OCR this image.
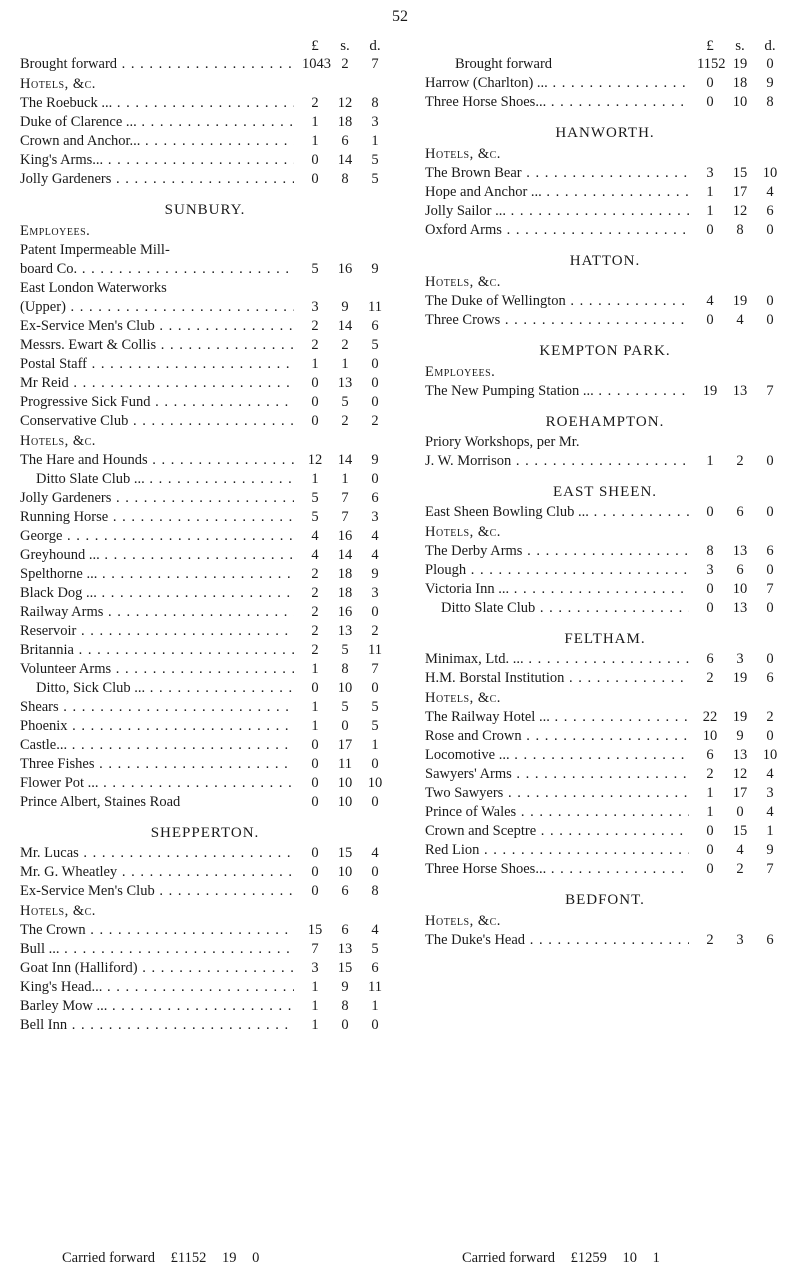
52
£	s.	d.
Brought forward . . .	1043 2	7
Hotels, &c.
The Roebuck ... . . .	2	12	8
Duke of Clarence ... . . .	1	18	3
Crown and Anchor... . . .	1	6	1
King's Arms... . . .	0	14	5
Jolly Gardeners . . .	0	8	5
SUNBURY.
Employees.
Patent Impermeable Mill-
board Co. . . .	5	16	9
East London Waterworks
(Upper) . . .	3	9	11
Ex-Service Men's Club . . .	2	14	6
Messrs. Ewart & Collis . . .	2	2	5
Postal Staff . . .	1	1	0
Mr Reid . . .	0	13	0
Progressive Sick Fund . . .	0	5	0
Conservative Club . . .	0	2	2
Hotels, &c.
The Hare and Hounds . . .	12	14	9
Ditto Slate Club ... . . .	1	1	0
Jolly Gardeners . . .	5	7	6
Running Horse . . .	5	7	3
George . . .	4	16	4
Greyhound ... . . .	4	14	4
Spelthorne ... . . .	2	18	9
Black Dog ... . . .	2	18	3
Railway Arms . . .	2	16	0
Reservoir . . .	2	13	2
Britannia . . .	2	5	11
Volunteer Arms . . .	1	8	7
Ditto, Sick Club ... . . .	0	10	0
Shears . . .	1	5	5
Phoenix . . .	1	0	5
Castle... . . .	0	17	1
Three Fishes . . .	0	11	0
Flower Pot ... . . .	0	10	10
Prince Albert, Staines Road	0	10	0
SHEPPERTON.
Mr. Lucas . . .	0	15	4
Mr. G. Wheatley . . .	0	10	0
Ex-Service Men's Club . . .	0	6	8
Hotels, &c.
The Crown . . .	15	6	4
Bull ... . . .	7	13	5
Goat Inn (Halliford) . . .	3	15	6
King's Head... . . .	1	9	11
Barley Mow ... . . .	1	8	1
Bell Inn . . .	1	0	0
£	s.	d.
Brought forward	1152 19	0
Harrow (Charlton) ... . . .	0	18	9
Three Horse Shoes... . . .	0	10	8
HANWORTH.
Hotels, &c.
The Brown Bear . . .	3	15	10
Hope and Anchor ... . . .	1	17	4
Jolly Sailor ... . . .	1	12	6
Oxford Arms . . .	0	8	0
HATTON.
Hotels, &c.
The Duke of Wellington . . .	4	19	0
Three Crows . . .	0	4	0
KEMPTON PARK.
Employees.
The New Pumping Station ... . . .	19	13	7
ROEHAMPTON.
Priory Workshops, per Mr.
J. W. Morrison . . .	1	2	0
EAST SHEEN.
East Sheen Bowling Club ... . . .	0	6	0
Hotels, &c.
The Derby Arms . . .	8	13	6
Plough . . .	3	6	0
Victoria Inn ... . . .	0	10	7
Ditto Slate Club . . .	0	13	0
FELTHAM.
Minimax, Ltd. ... . . .	6	3	0
H.M. Borstal Institution . . .	2	19	6
Hotels, &c.
The Railway Hotel ... . . .	22	19	2
Rose and Crown . . .	10	9	0
Locomotive ... . . .	6	13	10
Sawyers' Arms . . .	2	12	4
Two Sawyers . . .	1	17	3
Prince of Wales . . .	1	0	4
Crown and Sceptre . . .	0	15	1
Red Lion . . .	0	4	9
Three Horse Shoes... . . .	0	2	7
BEDFONT.
Hotels, &c.
The Duke's Head . . .	2	3	6
Carried forward £1152 19 0	Carried forward £1259 10 1
